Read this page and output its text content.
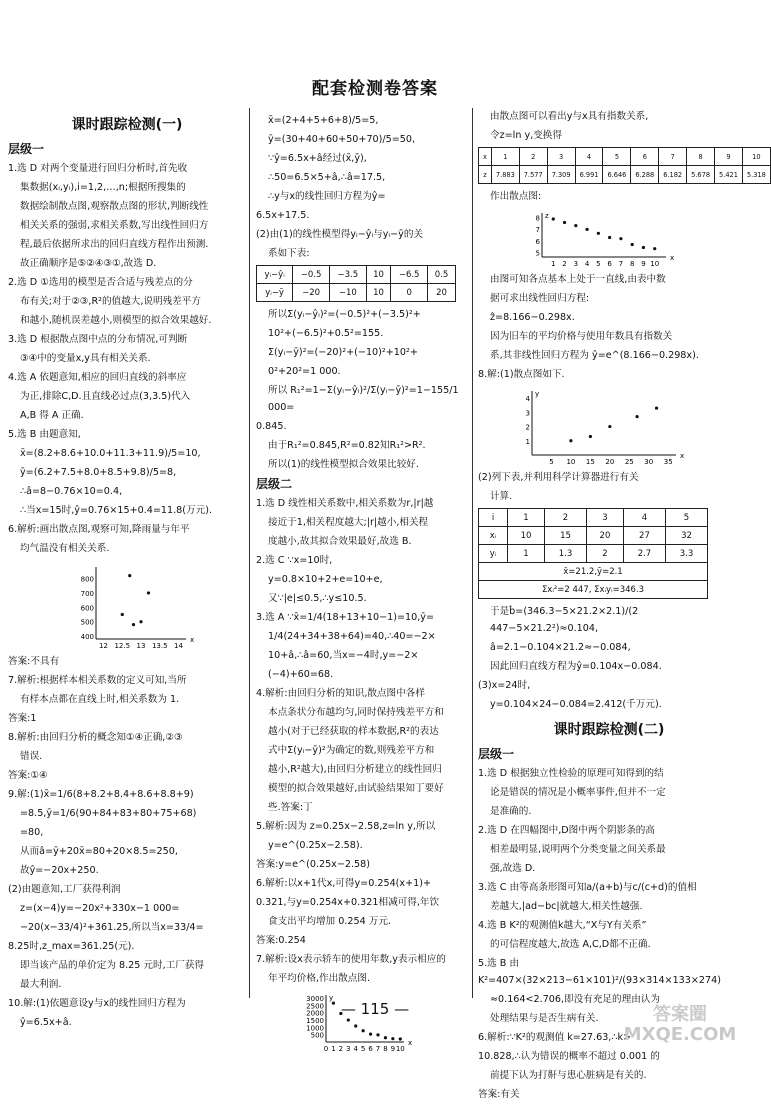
配套检测卷答案
课时跟踪检测(一)
层级一

1.选 D 对两个变量进行回归分析时,首先收

集数据(xᵢ,yᵢ),i=1,2,…,n;根据所搜集的

数据绘制散点图,观察散点图的形状,判断线性

相关关系的强弱,求相关系数,写出线性回归方

程,最后依据所求出的回归直线方程作出预测.

故正确顺序是⑤②④③①,故选 D.

2.选 D ①选用的模型是否合适与残差点的分

布有关;对于②③,R²的值越大,说明残差平方

和越小,随机误差越小,则模型的拟合效果越好.

3.选 D 根据散点图中点的分布情况,可判断

③④中的变量x,y具有相关关系.

4.选 A 依题意知,相应的回归直线的斜率应

为正,排除C,D.且直线必过点(3,3.5)代入

A,B 得 A 正确.

5.选 B 由题意知,

x̄=(8.2+8.6+10.0+11.3+11.9)/5=10,

ȳ=(6.2+7.5+8.0+8.5+9.8)/5=8,

∴â=8−0.76×10=0.4,

∴当x=15时,ŷ=0.76×15+0.4=11.8(万元).

6.解析:画出散点图,观察可知,降雨量与年平

均气温没有相关关系.

12 12.5 13 13.5 14
400
500
600
700
800
x

答案:不具有

7.解析:根据样本相关系数的定义可知,当所

有样本点都在直线上时,相关系数为 1.

答案:1

8.解析:由回归分析的概念知①④正确,②③

错误.

答案:①④

9.解:(1)x̄=1/6(8+8.2+8.4+8.6+8.8+9)

=8.5,ȳ=1/6(90+84+83+80+75+68)

=80,

从而â=ȳ+20x̄=80+20×8.5=250,

故ŷ=−20x+250.

(2)由题意知,工厂获得利润

z=(x−4)y=−20x²+330x−1 000=

−20(x−33/4)²+361.25,所以当x=33/4=

8.25时,z_max=361.25(元).

即当该产品的单价定为 8.25 元时,工厂获得

最大利润.

10.解:(1)依题意设y与x的线性回归方程为

ŷ=6.5x+â.

x̄=(2+4+5+6+8)/5=5,

ȳ=(30+40+60+50+70)/5=50,

∵ŷ=6.5x+â经过(x̄,ȳ),

∴50=6.5×5+â,∴â=17.5,

∴y与x的线性回归方程为ŷ=

6.5x+17.5.

(2)由(1)的线性模型得yᵢ−ŷᵢ与yᵢ−ȳ的关

系如下表:

yᵢ−ŷᵢ	−0.5	−3.5	10	−6.5	0.5
yᵢ−ȳ	−20	−10	10	0	20

所以Σ(yᵢ−ŷᵢ)²=(−0.5)²+(−3.5)²+

10²+(−6.5)²+0.5²=155.

Σ(yᵢ−ȳ)²=(−20)²+(−10)²+10²+

0²+20²=1 000.

所以 R₁²=1−Σ(yᵢ−ŷᵢ)²/Σ(yᵢ−ȳ)²=1−155/1 000=

0.845.

由于R₁²=0.845,R²=0.82知R₁²>R².

所以(1)的线性模型拟合效果比较好.

层级二

1.选 D 线性相关系数中,相关系数为r,|r|越

接近于1,相关程度越大;|r|越小,相关程

度越小,故其拟合效果最好,故选 B.

2.选 C ∵x=10时,

y=0.8×10+2+e=10+e,

又∵|e|≤0.5,∴y≤10.5.

3.选 A ∵x̄=1/4(18+13+10−1)=10,ȳ=

1/4(24+34+38+64)=40,∴40=−2×

10+â,∴â=60,当x=−4时,y=−2×

(−4)+60=68.

4.解析:由回归分析的知识,散点图中各样

本点条状分布越均匀,同时保持残差平方和

越小(对于已经获取的样本数据,R²的表达

式中Σ(yᵢ−ȳ)²为确定的数,则残差平方和

越小,R²越大),由回归分析建立的线性回归

模型的拟合效果越好,由试验结果知丁要好

些.答案:丁

5.解析:因为 z=0.25x−2.58,z=ln y,所以

y=e^(0.25x−2.58).

答案:y=e^(0.25x−2.58)

6.解析:以x+1代x,可得y=0.254(x+1)+

0.321,与y=0.254x+0.321相减可得,年饮

食支出平均增加 0.254 万元.

答案:0.254

7.解析:设x表示轿车的使用年数,y表示相应的

年平均价格,作出散点图.

0 1 2 3 4 5 6 7 8 9 10
500
1000
1500
2000
2500
3000
x
y

由散点图可以看出y与x具有指数关系,

令z=ln y,变换得

x	1	2	3	4	5	6	7	8	9	10
z	7.883	7.577	7.309	6.991	6.646	6.288	6.182	5.678	5.421	5.318

作出散点图:

1 2 3 4 5 6 7 8 9 10
5
6
7
8
x
z

由图可知各点基本上处于一直线,由表中数

据可求出线性回归方程:

ẑ=8.166−0.298x.

因为旧车的平均价格与使用年数具有指数关

系,其非线性回归方程为 ŷ=e^(8.166−0.298x).

8.解:(1)散点图如下.

5 10 15 20 25 30 35
1
2
3
4
x
y

(2)列下表,并利用科学计算器进行有关

计算.

i	1	2	3	4	5
xᵢ	10	15	20	27	32
yᵢ	1	1.3	2	2.7	3.3
x̄=21.2,ȳ=2.1					
Σxᵢ²=2 447, Σxᵢyᵢ=346.3					

于是b̂=(346.3−5×21.2×2.1)/(2 447−5×21.2²)≈0.104,

â=2.1−0.104×21.2≈−0.084,

因此回归直线方程为ŷ=0.104x−0.084.

(3)x=24时,

y=0.104×24−0.084=2.412(千万元).

课时跟踪检测(二)
层级一

1.选 D 根据独立性检验的原理可知得到的结

论是错误的情况是小概率事件,但并不一定

是准确的.

2.选 D 在四幅图中,D图中两个阴影条的高

相差最明显,说明两个分类变量之间关系最

强,故选 D.

3.选 C 由等高条形图可知a/(a+b)与c/(c+d)的值相

差越大,|ad−bc|就越大,相关性越强.

4.选 B K²的观测值k越大,“X与Y有关系”

的可信程度越大,故选 A,C,D都不正确.

5.选 B 由 K²=407×(32×213−61×101)²/(93×314×133×274)

≈0.164<2.706,即没有充足的理由认为

处理结果与是否生病有关.

6.解析:∵K²的观测值 k=27.63,∴k>

10.828,∴认为错误的概率不超过 0.001 的

前提下认为打鼾与患心脏病是有关的.

答案:有关

— 115 —	答案圈 MXQE.COM
